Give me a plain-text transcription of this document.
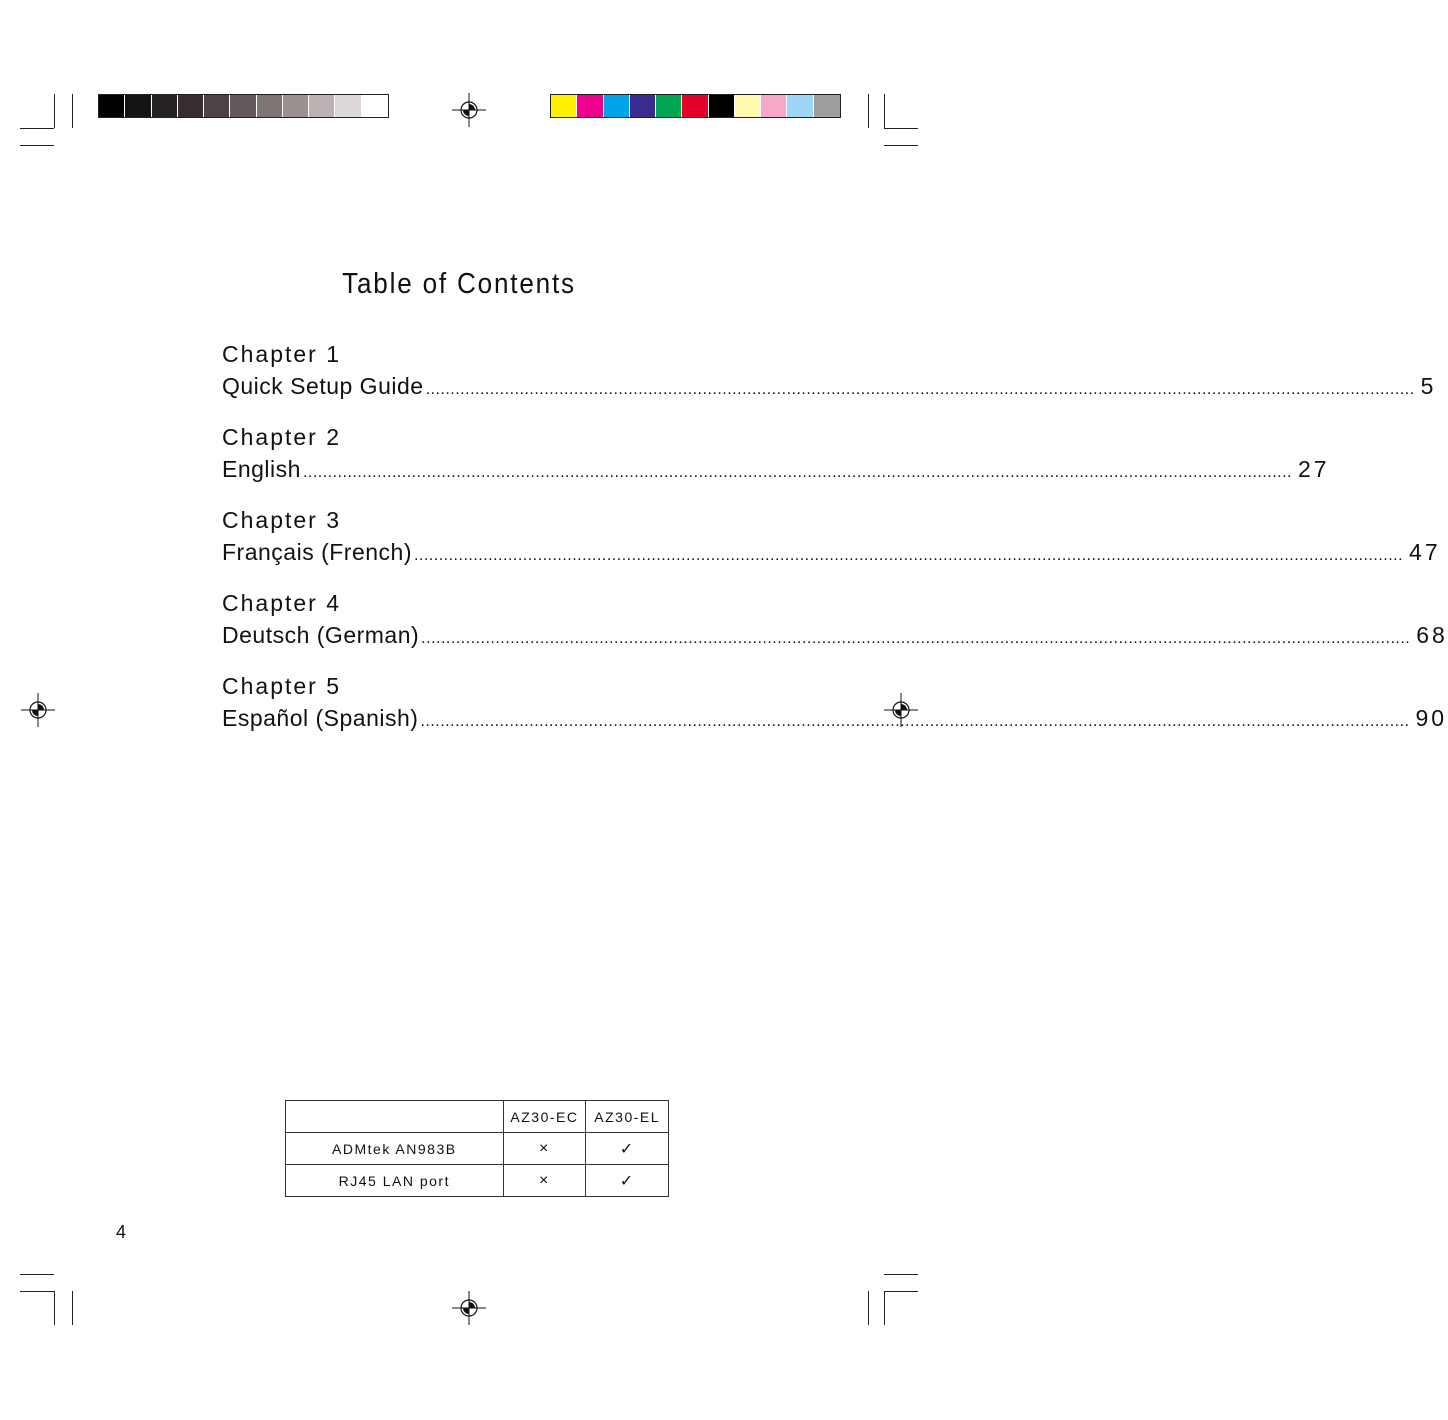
Table of Contents
Chapter 1
Quick Setup Guide ........................................................................................................................................................................................................ 5
Chapter 2
English ........................................................................................................................................................................................................ 27
Chapter 3
Français (French) ........................................................................................................................................................................................................ 47
Chapter 4
Deutsch (German) ........................................................................................................................................................................................................ 68
Chapter 5
Español (Spanish) ........................................................................................................................................................................................................ 90
	AZ30-EC	AZ30-EL
ADMtek AN983B	×	✓
RJ45 LAN port	×	✓
4
